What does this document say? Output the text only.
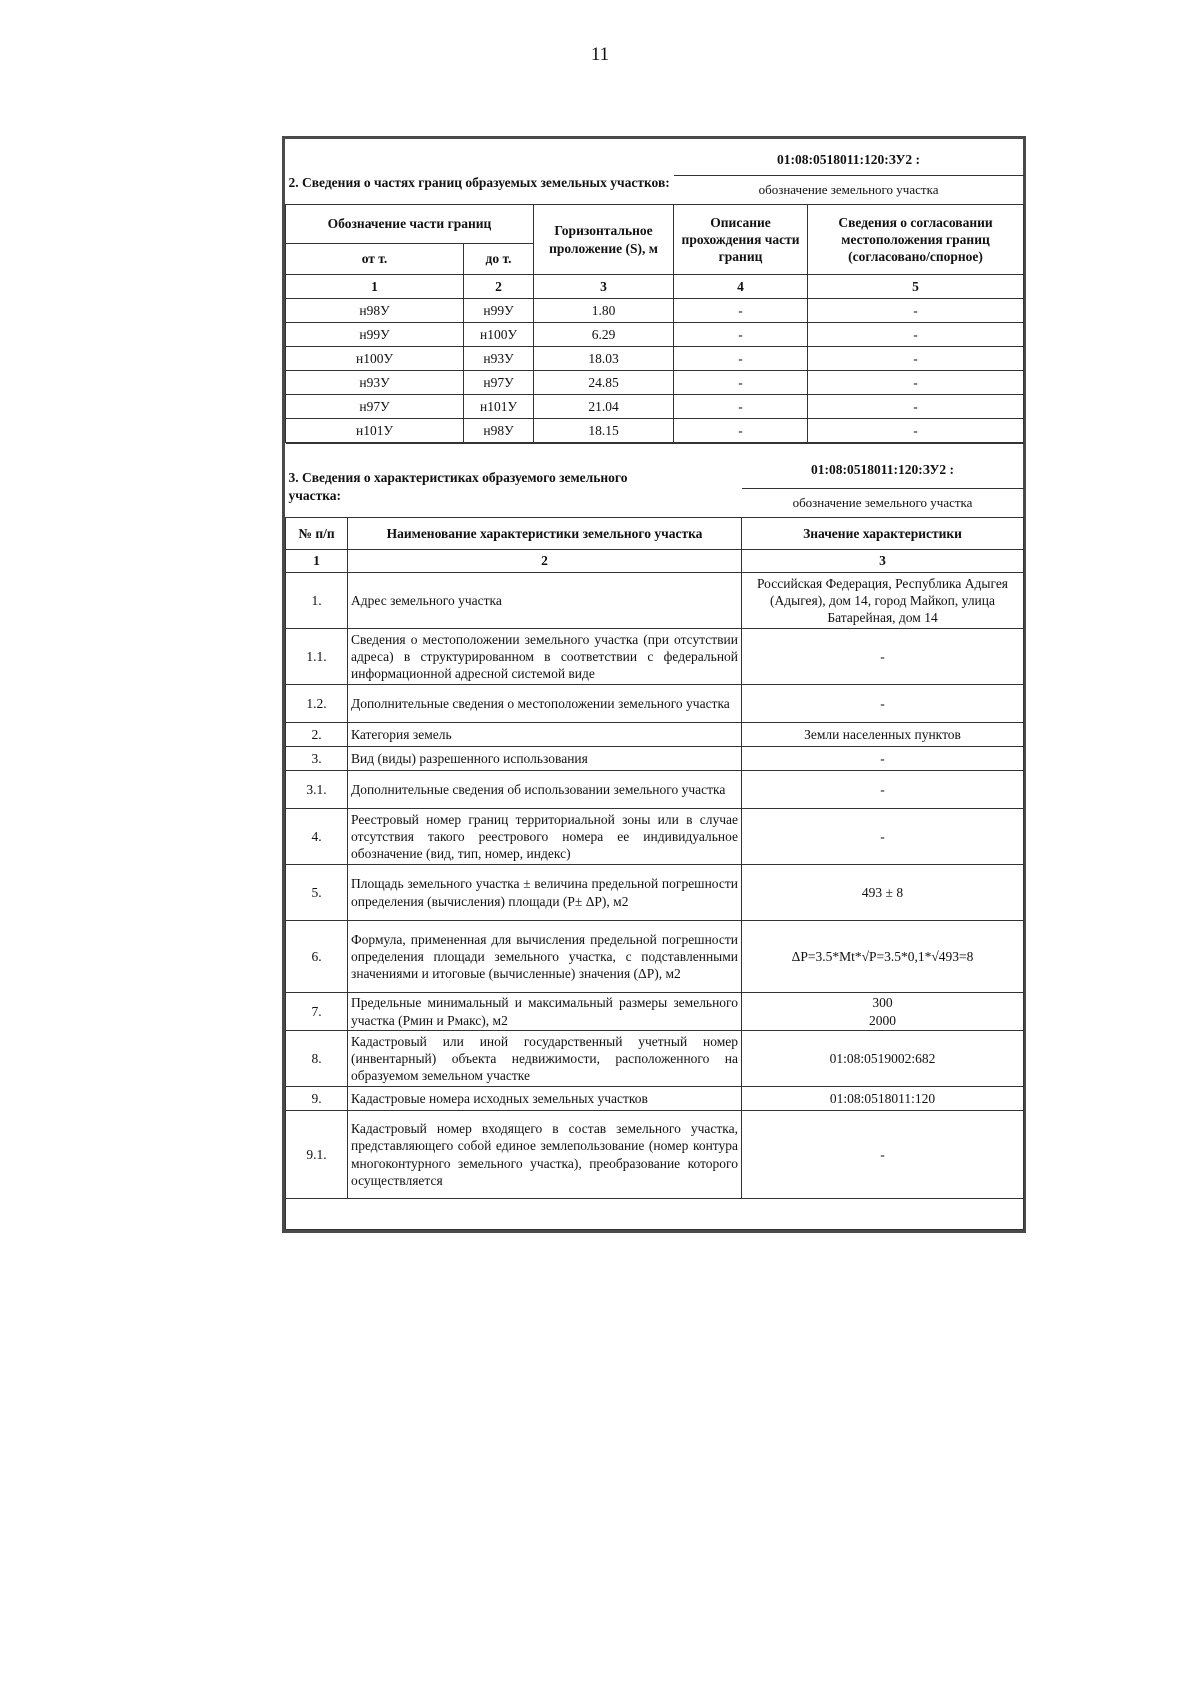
11
2. Сведения о частях границ образуемых земельных участков:			01:08:0518011:120:ЗУ2 :	
			обозначение земельного участка	
Обозначение части границ		Горизонтальное проложение (S), м	Описание прохождения части границ	Сведения о согласовании местоположения границ (согласовано/спорное)
от т.	до т.			
1	2	3	4	5
н98У	н99У	1.80	-	-
н99У	н100У	6.29	-	-
н100У	н93У	18.03	-	-
н93У	н97У	24.85	-	-
н97У	н101У	21.04	-	-
н101У	н98У	18.15	-	-
3. Сведения о характеристиках образуемого земельного участка:		01:08:0518011:120:ЗУ2 :
		обозначение земельного участка
№ п/п	Наименование характеристики земельного участка	Значение характеристики
1	2	3
1.	Адрес земельного участка	Российская Федерация, Республика Адыгея (Адыгея), дом 14, город Майкоп, улица Батарейная, дом 14
1.1.	Сведения о местоположении земельного участка (при отсутствии адреса) в структурированном в соответствии с федеральной информационной адресной системой виде	-
1.2.	Дополнительные сведения о местоположении земельного участка	-
2.	Категория земель	Земли населенных пунктов
3.	Вид (виды) разрешенного использования	-
3.1.	Дополнительные сведения об использовании земельного участка	-
4.	Реестровый номер границ территориальной зоны или в случае отсутствия такого реестрового номера ее индивидуальное обозначение (вид, тип, номер, индекс)	-
5.	Площадь земельного участка ± величина предельной погрешности определения (вычисления) площади (P± ΔP), м2	493 ± 8
6.	Формула, примененная для вычисления предельной погрешности определения площади земельного участка, с подставленными значениями и итоговые (вычисленные) значения (ΔP), м2	ΔP=3.5*Mt*√P=3.5*0,1*√493=8
7.	Предельные минимальный и максимальный размеры земельного участка (Pмин и Pмакс), м2	300
2000
8.	Кадастровый или иной государственный учетный номер (инвентарный) объекта недвижимости, расположенного на образуемом земельном участке	01:08:0519002:682
9.	Кадастровые номера исходных земельных участков	01:08:0518011:120
9.1.	Кадастровый номер входящего в состав земельного участка, представляющего собой единое землепользование (номер контура многоконтурного земельного участка), преобразование которого осуществляется	-
